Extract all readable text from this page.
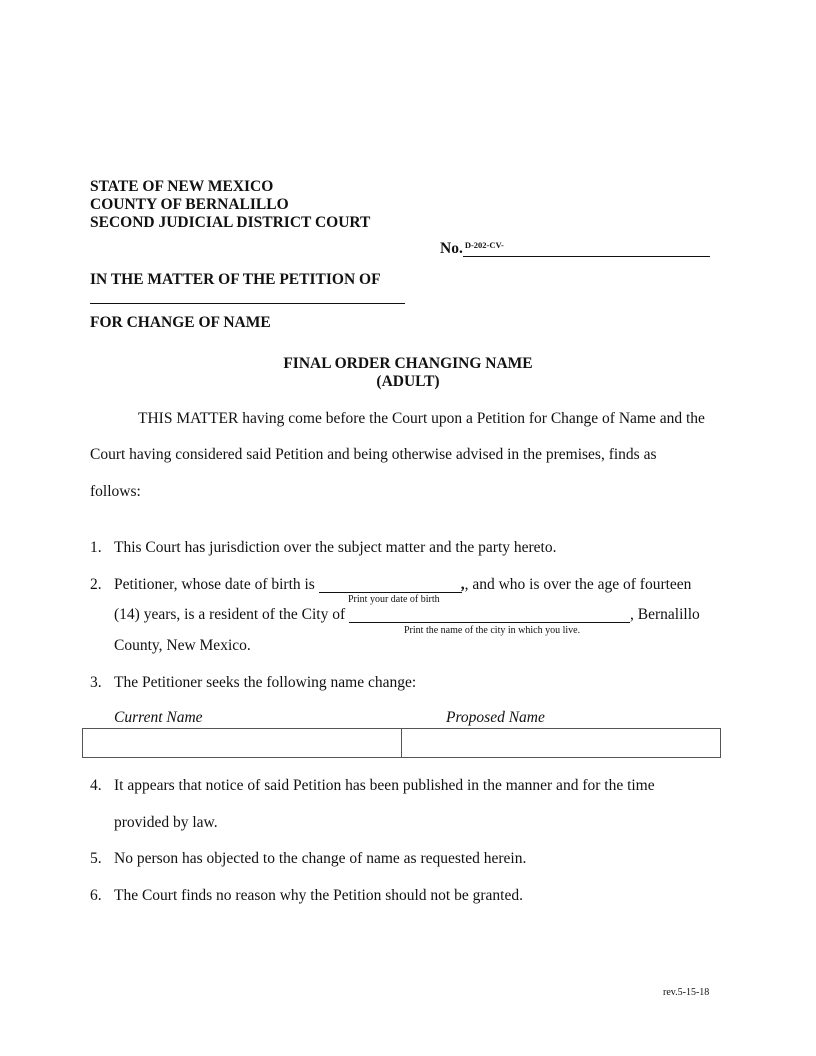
STATE OF NEW MEXICO
COUNTY OF BERNALILLO
SECOND JUDICIAL DISTRICT COURT
No. D-202-CV-
IN THE MATTER OF THE PETITION OF
FOR CHANGE OF NAME
FINAL ORDER CHANGING NAME
(ADULT)
THIS MATTER having come before the Court upon a Petition for Change of Name and the
Court having considered said Petition and being otherwise advised in the premises, finds as
follows:
1. This Court has jurisdiction over the subject matter and the party hereto.
2. Petitioner, whose date of birth is	,, and who is over the age of fourteen
Print your date of birth
(14) years, is a resident of the City of	, Bernalillo
Print the name of the city in which you live.
County, New Mexico.
3. The Petitioner seeks the following name change:
Current Name	Proposed Name
4. It appears that notice of said Petition has been published in the manner and for the time
provided by law.
5. No person has objected to the change of name as requested herein.
6. The Court finds no reason why the Petition should not be granted.
rev.5-15-18
